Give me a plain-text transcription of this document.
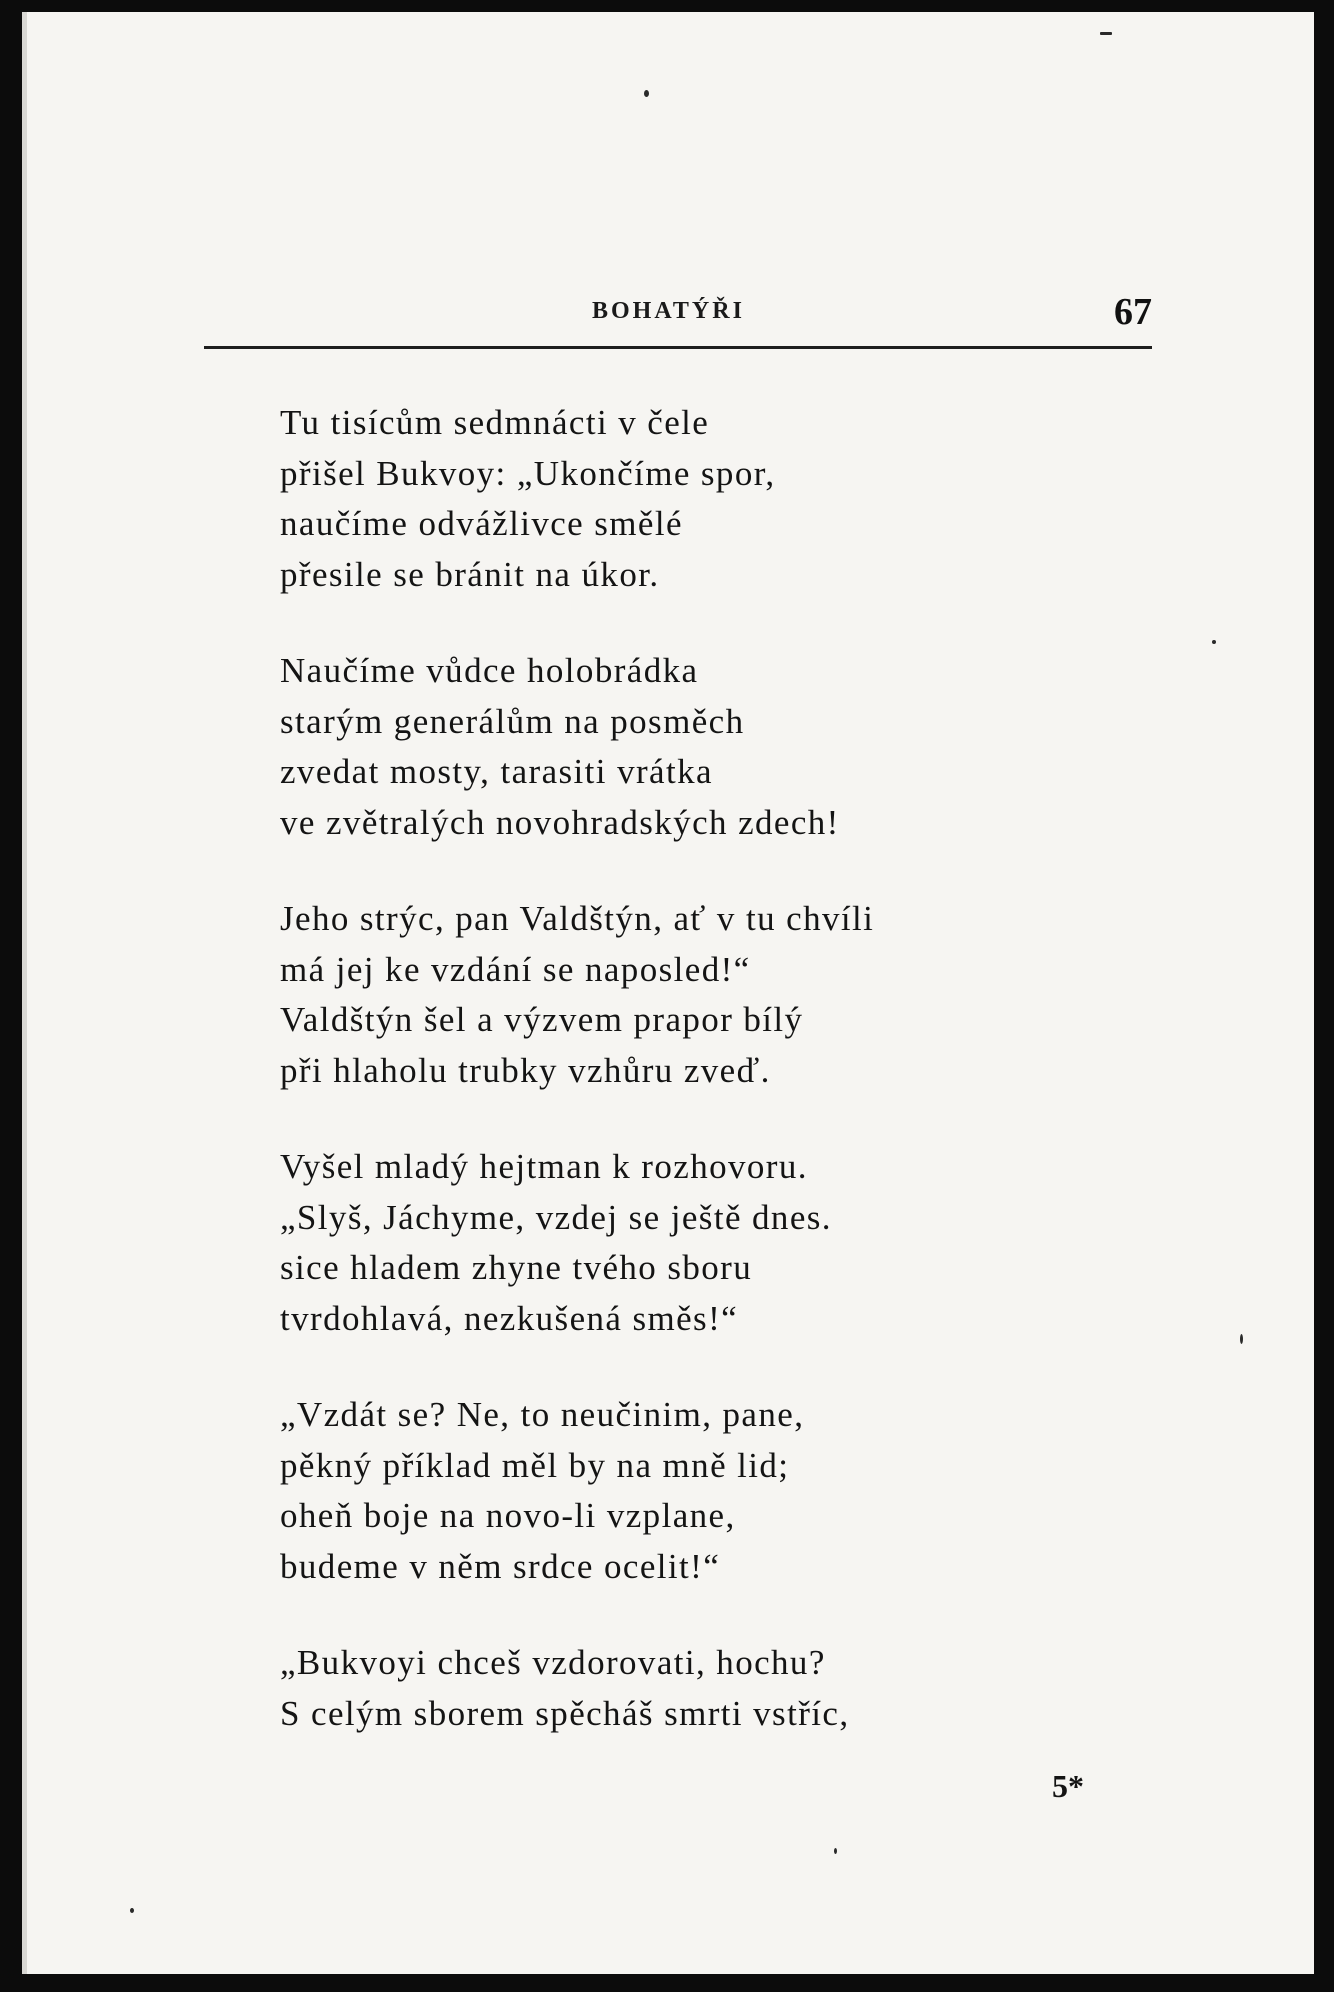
BOHATÝŘI	67
Tu tisícům sedmnácti v čele
přišel Bukvoy: „Ukončíme spor,
naučíme odvážlivce smělé
přesile se bránit na úkor.
Naučíme vůdce holobrádka
starým generálům na posměch
zvedat mosty, tarasiti vrátka
ve zvětralých novohradských zdech!
Jeho strýc, pan Valdštýn, ať v tu chvíli
má jej ke vzdání se naposled!“
Valdštýn šel a výzvem prapor bílý
při hlaholu trubky vzhůru zveď.
Vyšel mladý hejtman k rozhovoru.
„Slyš, Jáchyme, vzdej se ještě dnes.
sice hladem zhyne tvého sboru
tvrdohlavá, nezkušená směs!“
„Vzdát se? Ne, to neučinim, pane,
pěkný příklad měl by na mně lid;
oheň boje na novo-li vzplane,
budeme v něm srdce ocelit!“
„Bukvoyi chceš vzdorovati, hochu?
S celým sborem spěcháš smrti vstříc,
5*
